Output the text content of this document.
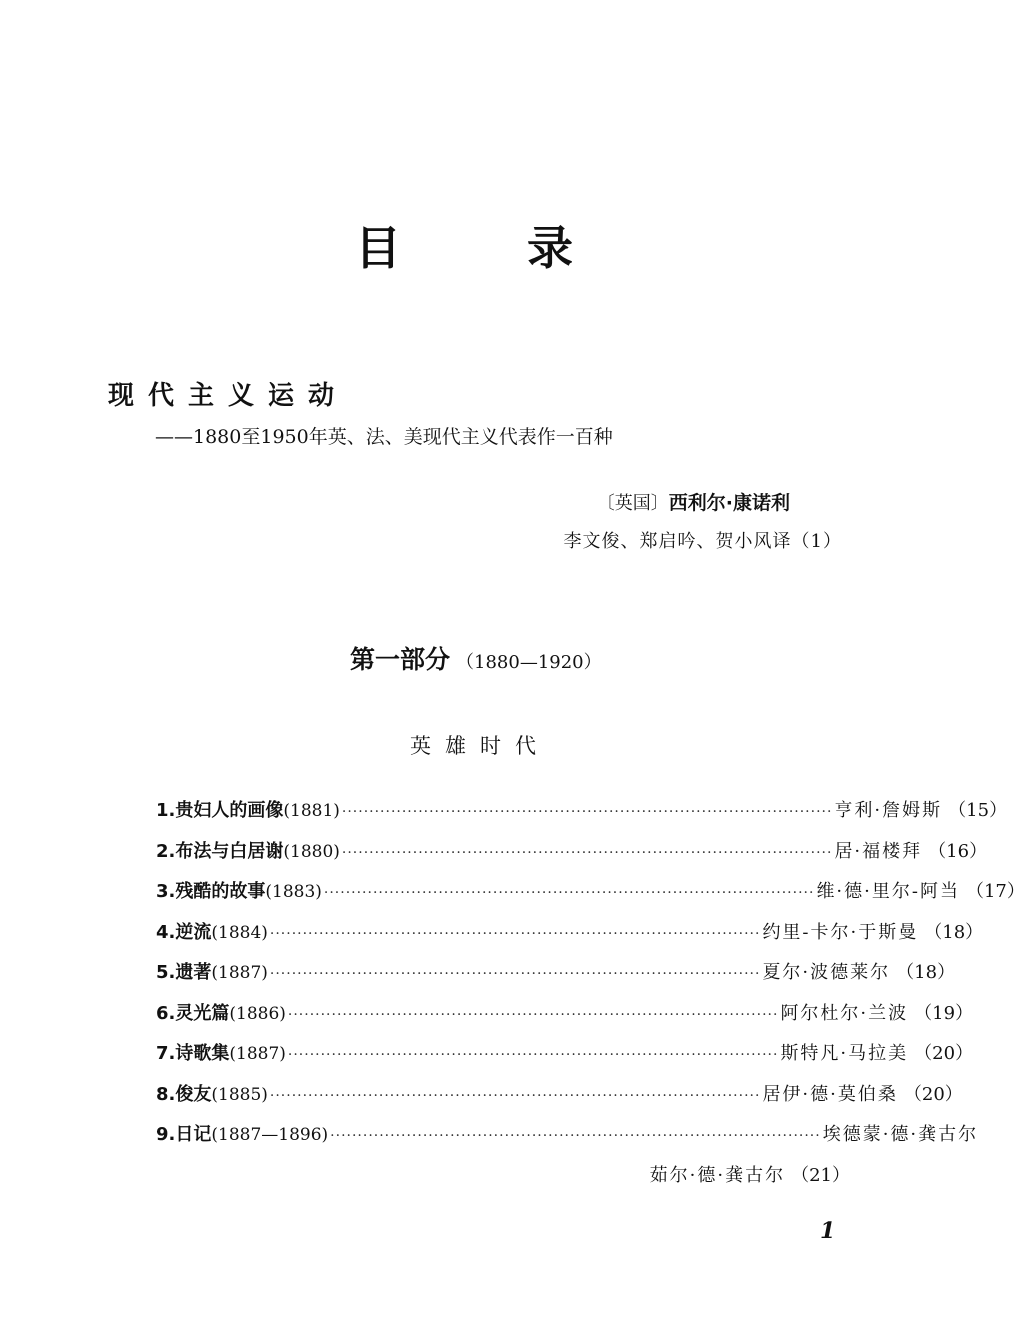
目	录
现代主义运动
——1880至1950年英、法、美现代主义代表作一百种
〔英国〕西利尔·康诺利
李文俊、郑启吟、贺小风译（1）
第一部分 （1880—1920）
英雄时代
1. 贵妇人的画像 (1881) ·························································································· 亨利·詹姆斯 （15）
2. 布法与白居谢 (1880) ·························································································· 居·福楼拜 （16）
3. 残酷的故事 (1883) ·························································································· 维·德·里尔-阿当 （17）
4. 逆流 (1884) ·························································································· 约里-卡尔·于斯曼 （18）
5. 遗著 (1887) ·························································································· 夏尔·波德莱尔 （18）
6. 灵光篇 (1886) ·························································································· 阿尔杜尔·兰波 （19）
7. 诗歌集 (1887) ·························································································· 斯特凡·马拉美 （20）
8. 俊友 (1885) ·························································································· 居伊·德·莫伯桑 （20）
9. 日记 (1887—1896) ·························································································· 埃德蒙·德·龚古尔
茹尔·德·龚古尔 （21）
1
